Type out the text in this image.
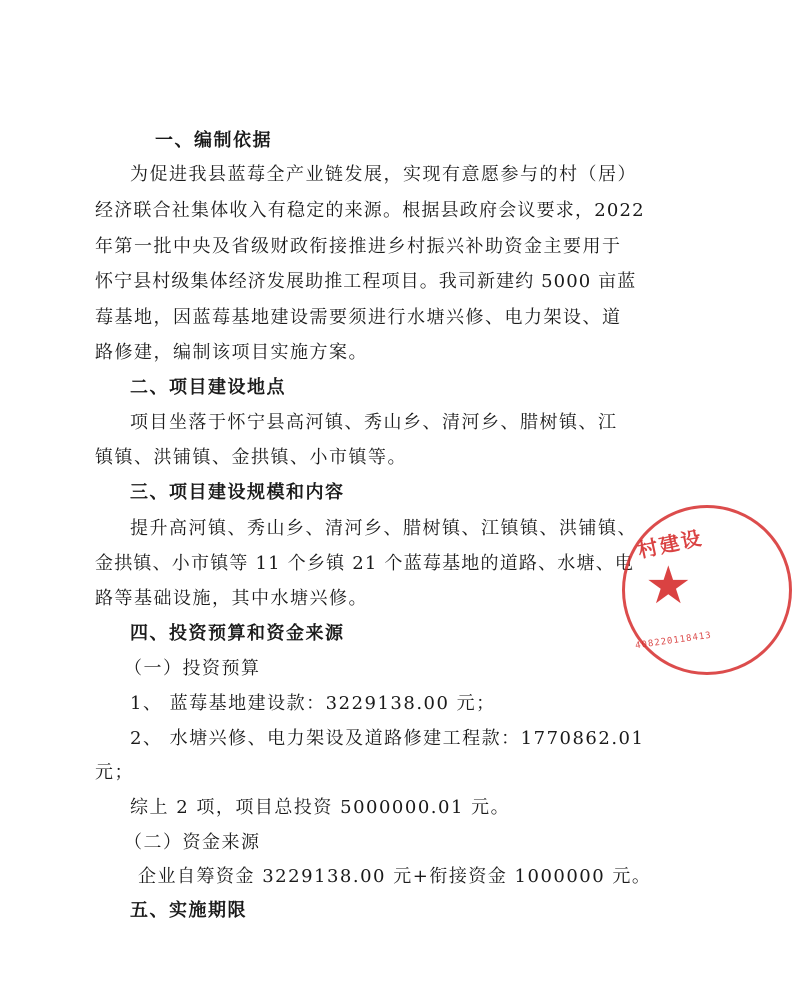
一、编制依据
为促进我县蓝莓全产业链发展，实现有意愿参与的村（居）
经济联合社集体收入有稳定的来源。根据县政府会议要求，2022
年第一批中央及省级财政衔接推进乡村振兴补助资金主要用于
怀宁县村级集体经济发展助推工程项目。我司新建约 5000 亩蓝
莓基地，因蓝莓基地建设需要须进行水塘兴修、电力架设、道
路修建，编制该项目实施方案。
二、项目建设地点
项目坐落于怀宁县高河镇、秀山乡、清河乡、腊树镇、江
镇镇、洪铺镇、金拱镇、小市镇等。
三、项目建设规模和内容
提升高河镇、秀山乡、清河乡、腊树镇、江镇镇、洪铺镇、
金拱镇、小市镇等 11 个乡镇 21 个蓝莓基地的道路、水塘、电
路等基础设施，其中水塘兴修。
四、投资预算和资金来源
（一）投资预算
1、 蓝莓基地建设款：3229138.00 元；
2、 水塘兴修、电力架设及道路修建工程款：1770862.01
元；
综上 2 项，项目总投资 5000000.01 元。
（二）资金来源
企业自筹资金 3229138.00 元+衔接资金 1000000 元。
五、实施期限
村建设
★
408220118413
